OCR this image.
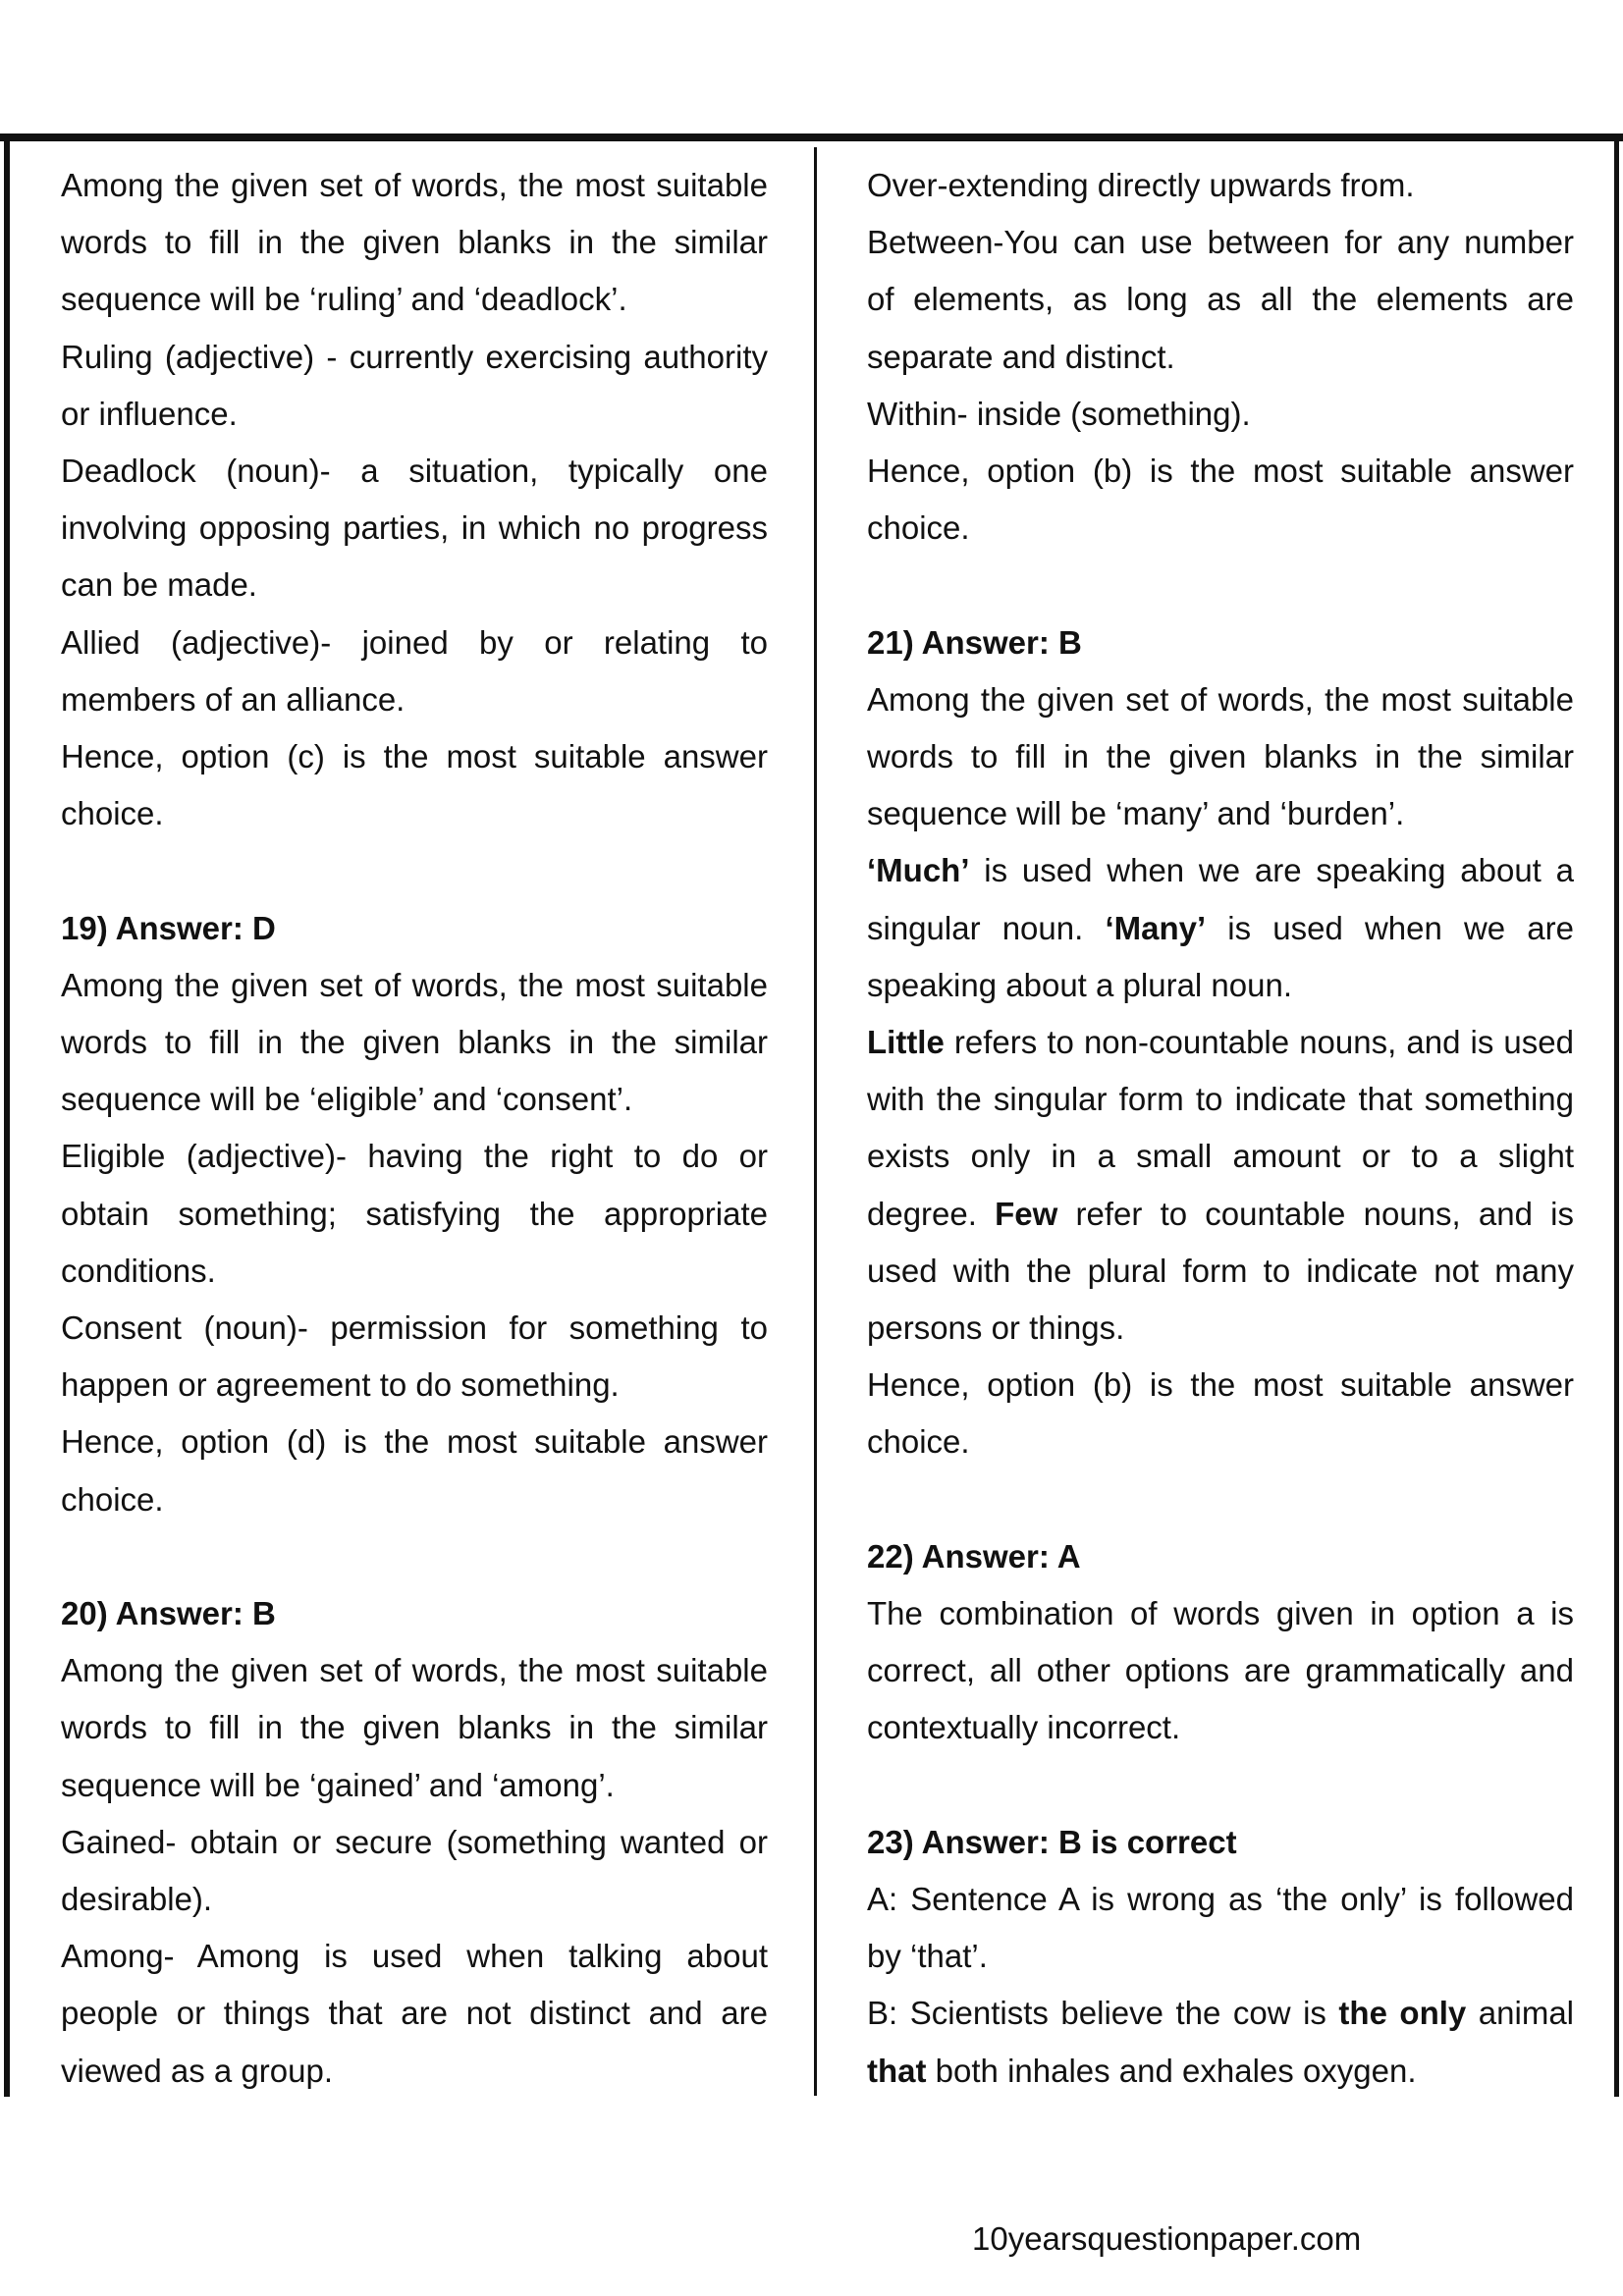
Among the given set of words, the most suitable words to fill in the given blanks in the similar sequence will be ‘ruling’ and ‘deadlock’.

Ruling (adjective) - currently exercising authority or influence.

Deadlock (noun)- a situation, typically one involving opposing parties, in which no progress can be made.

Allied (adjective)- joined by or relating to members of an alliance.

Hence, option (c) is the most suitable answer choice.

19) Answer: D

Among the given set of words, the most suitable words to fill in the given blanks in the similar sequence will be ‘eligible’ and ‘consent’.

Eligible (adjective)- having the right to do or obtain something; satisfying the appropriate conditions.

Consent (noun)- permission for something to happen or agreement to do something.

Hence, option (d) is the most suitable answer choice.

20) Answer: B

Among the given set of words, the most suitable words to fill in the given blanks in the similar sequence will be ‘gained’ and ‘among’.

Gained- obtain or secure (something wanted or desirable).

Among- Among is used when talking about people or things that are not distinct and are viewed as a group.

Over-extending directly upwards from.

Between-You can use between for any number of elements, as long as all the elements are separate and distinct.

Within- inside (something).

Hence, option (b) is the most suitable answer choice.

21) Answer: B

Among the given set of words, the most suitable words to fill in the given blanks in the similar sequence will be ‘many’ and ‘burden’.

‘Much’ is used when we are speaking about a singular noun. ‘Many’ is used when we are speaking about a plural noun.

Little refers to non-countable nouns, and is used with the singular form to indicate that something exists only in a small amount or to a slight degree. Few refer to countable nouns, and is used with the plural form to indicate not many persons or things.

Hence, option (b) is the most suitable answer choice.

22) Answer: A

The combination of words given in option a is correct, all other options are grammatically and contextually incorrect.

23) Answer: B is correct

A: Sentence A is wrong as ‘the only’ is followed by ‘that’.

B: Scientists believe the cow is the only animal that both inhales and exhales oxygen.

10yearsquestionpaper.com
